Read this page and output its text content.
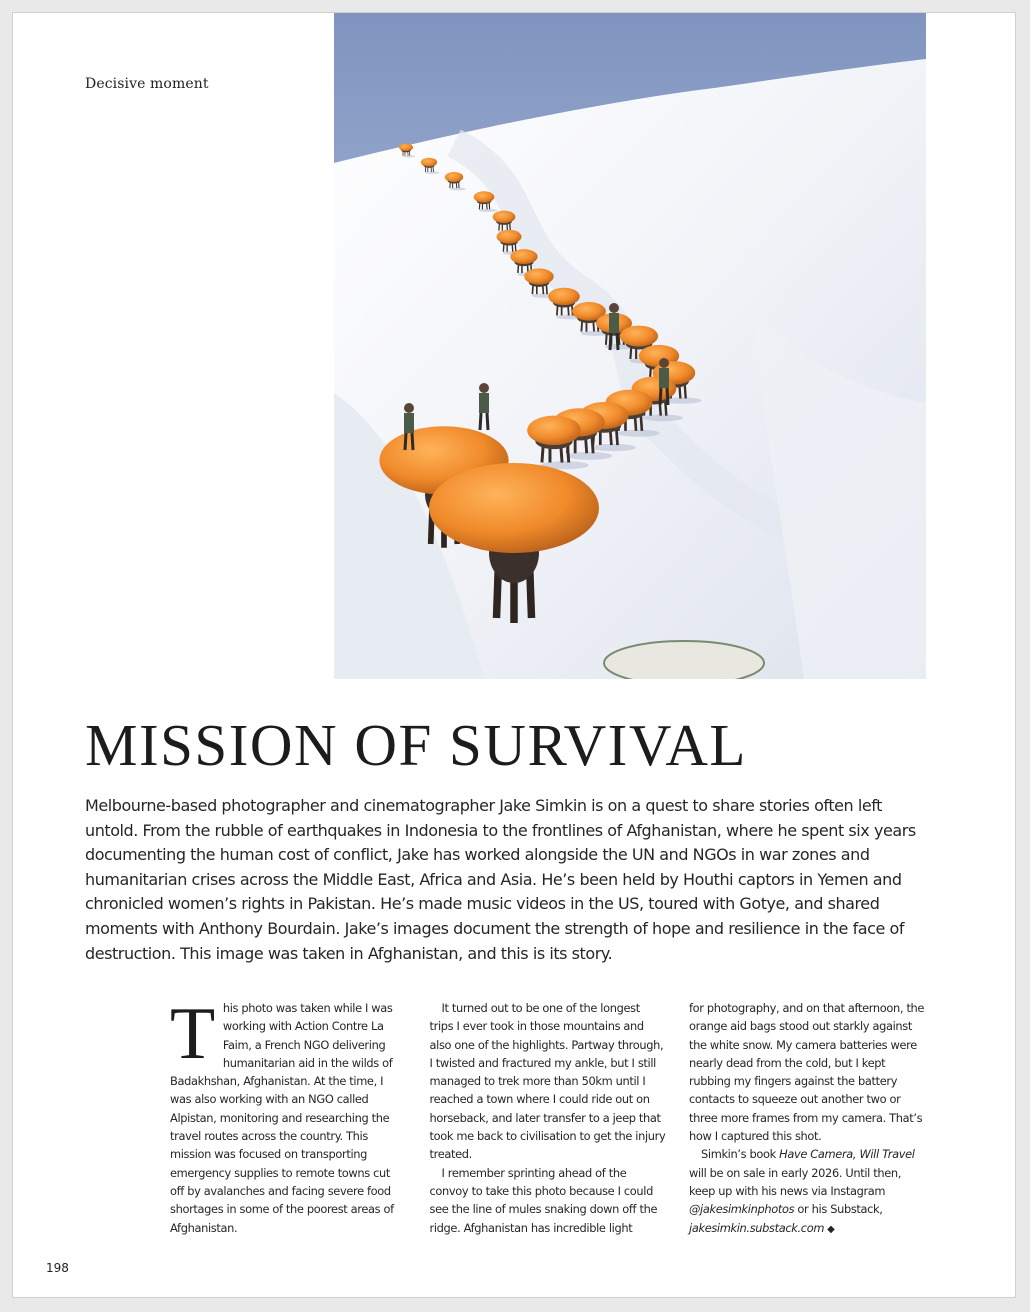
Decisive moment
MISSION OF SURVIVAL

Melbourne-based photographer and cinematographer Jake Simkin is on a quest to share stories often left untold. From the rubble of earthquakes in Indonesia to the frontlines of Afghanistan, where he spent six years documenting the human cost of conflict, Jake has worked alongside the UN and NGOs in war zones and humanitarian crises across the Middle East, Africa and Asia. He’s been held by Houthi captors in Yemen and chronicled women’s rights in Pakistan. He’s made music videos in the US, toured with Gotye, and shared moments with Anthony Bourdain. Jake’s images document the strength of hope and resilience in the face of destruction. This image was taken in Afghanistan, and this is its story.

This photo was taken while I was working with Action Contre La Faim, a French NGO delivering humanitarian aid in the wilds of Badakhshan, Afghanistan. At the time, I was also working with an NGO called Alpistan, monitoring and researching the travel routes across the country. This mission was focused on transporting emergency supplies to remote towns cut off by avalanches and facing severe food shortages in some of the poorest areas of Afghanistan.

It turned out to be one of the longest trips I ever took in those mountains and also one of the highlights. Partway through, I twisted and fractured my ankle, but I still managed to trek more than 50km until I reached a town where I could ride out on horseback, and later transfer to a jeep that took me back to civilisation to get the injury treated.

I remember sprinting ahead of the convoy to take this photo because I could see the line of mules snaking down off the ridge. Afghanistan has incredible light

for photography, and on that afternoon, the orange aid bags stood out starkly against the white snow. My camera batteries were nearly dead from the cold, but I kept rubbing my fingers against the battery contacts to squeeze out another two or three more frames from my camera. That’s how I captured this shot.

Simkin’s book Have Camera, Will Travel will be on sale in early 2026. Until then, keep up with his news via Instagram @jakesimkinphotos or his Substack, jakesimkin.substack.com ◆

198
